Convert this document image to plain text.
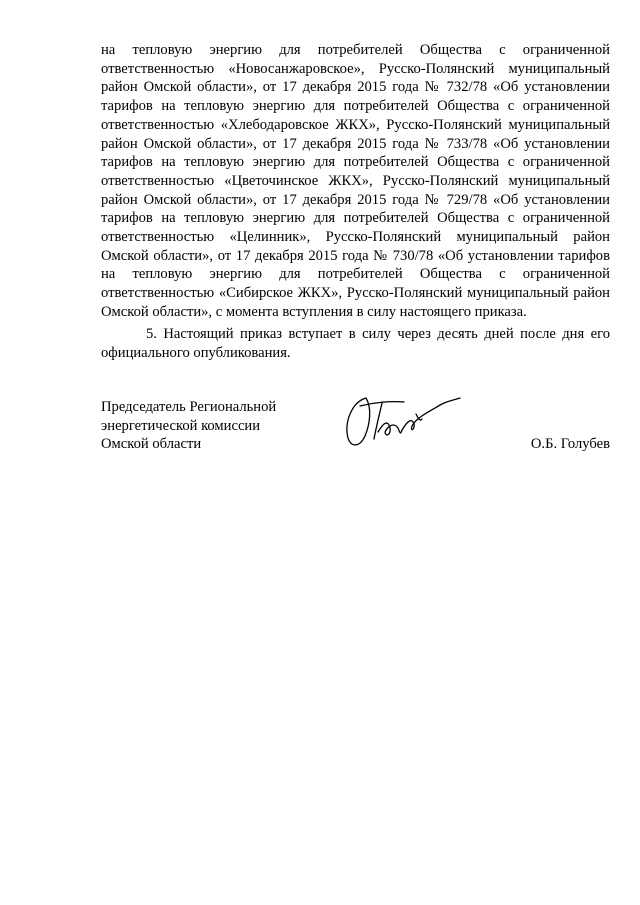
на тепловую энергию для потребителей Общества с ограниченной ответственностью «Новосанжаровское», Русско-Полянский муниципальный район Омской области», от 17 декабря 2015 года № 732/78 «Об установлении тарифов на тепловую энергию для потребителей Общества с ограниченной ответственностью «Хлебодаровское ЖКХ», Русско-Полянский муниципальный район Омской области», от 17 декабря 2015 года № 733/78 «Об установлении тарифов на тепловую энергию для потребителей Общества с ограниченной ответственностью «Цветочинское ЖКХ», Русско-Полянский муниципальный район Омской области», от 17 декабря 2015 года № 729/78 «Об установлении тарифов на тепловую энергию для потребителей Общества с ограниченной ответственностью «Целинник», Русско-Полянский муниципальный район Омской области», от 17 декабря 2015 года № 730/78 «Об установлении тарифов на тепловую энергию для потребителей Общества с ограниченной ответственностью «Сибирское ЖКХ», Русско-Полянский муниципальный район Омской области», с момента вступления в силу настоящего приказа.

5. Настоящий приказ вступает в силу через десять дней после дня его официального опубликования.

Председатель Региональной
энергетической комиссии
Омской области	О.Б. Голубев
